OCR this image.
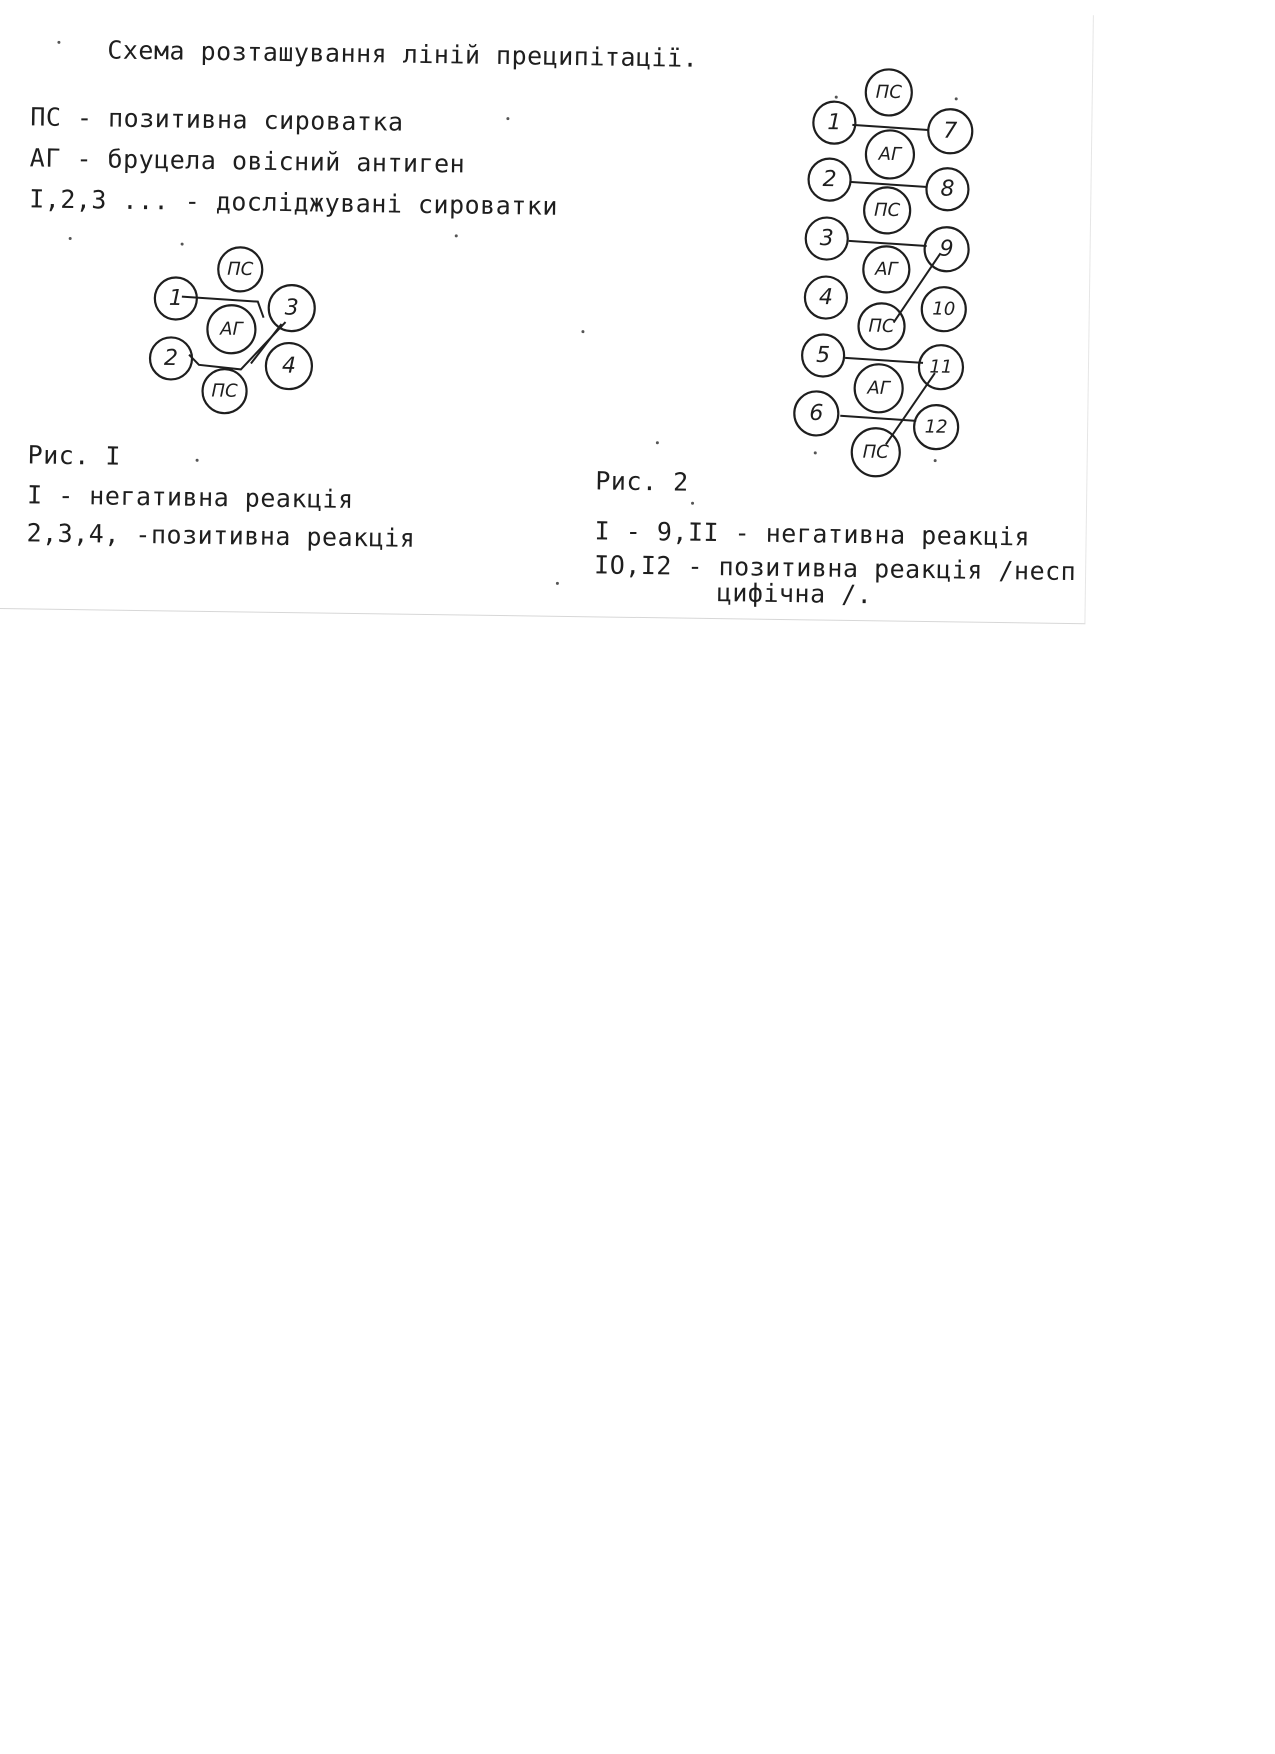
Схема розташування ліній преципітації.
ПС - позитивна сироватка
АГ - бруцела овісний антиген
I,2,3 ... - досліджувані сироватки
ПС
АГ
ПС
1
2
3
4
ПС
АГ
ПС
АГ
ПС
АГ
ПС
1
2
3
4
5
6
7
8
9
10
11
12
Рис. I
I - негативна реакція
2,3,4, -позитивна реакція
Рис. 2
I - 9,II - негативна реакція
IO,I2 - позитивна реакція /несп
цифічна /.
